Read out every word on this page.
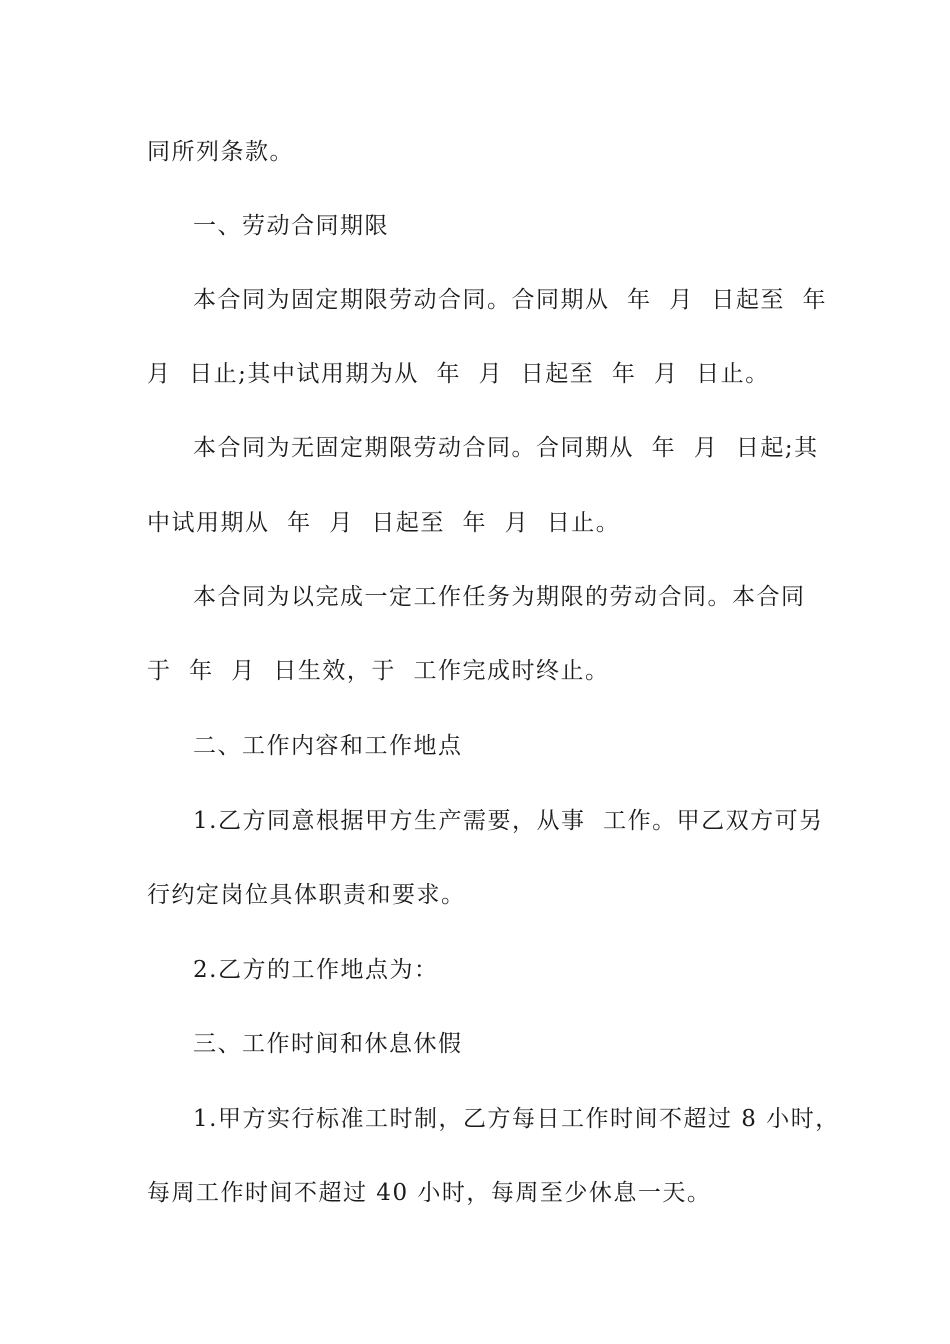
同所列条款。
一、劳动合同期限
本合同为固定期限劳动合同。合同期从  年  月  日起至  年
月  日止;其中试用期为从  年  月  日起至  年  月  日止。
本合同为无固定期限劳动合同。合同期从  年  月  日起;其
中试用期从  年  月  日起至  年  月  日止。
本合同为以完成一定工作任务为期限的劳动合同。本合同
于  年  月  日生效，于  工作完成时终止。
二、工作内容和工作地点
1.乙方同意根据甲方生产需要，从事  工作。甲乙双方可另
行约定岗位具体职责和要求。
2.乙方的工作地点为：
三、工作时间和休息休假
1.甲方实行标准工时制，乙方每日工作时间不超过 8 小时，
每周工作时间不超过 40 小时，每周至少休息一天。
